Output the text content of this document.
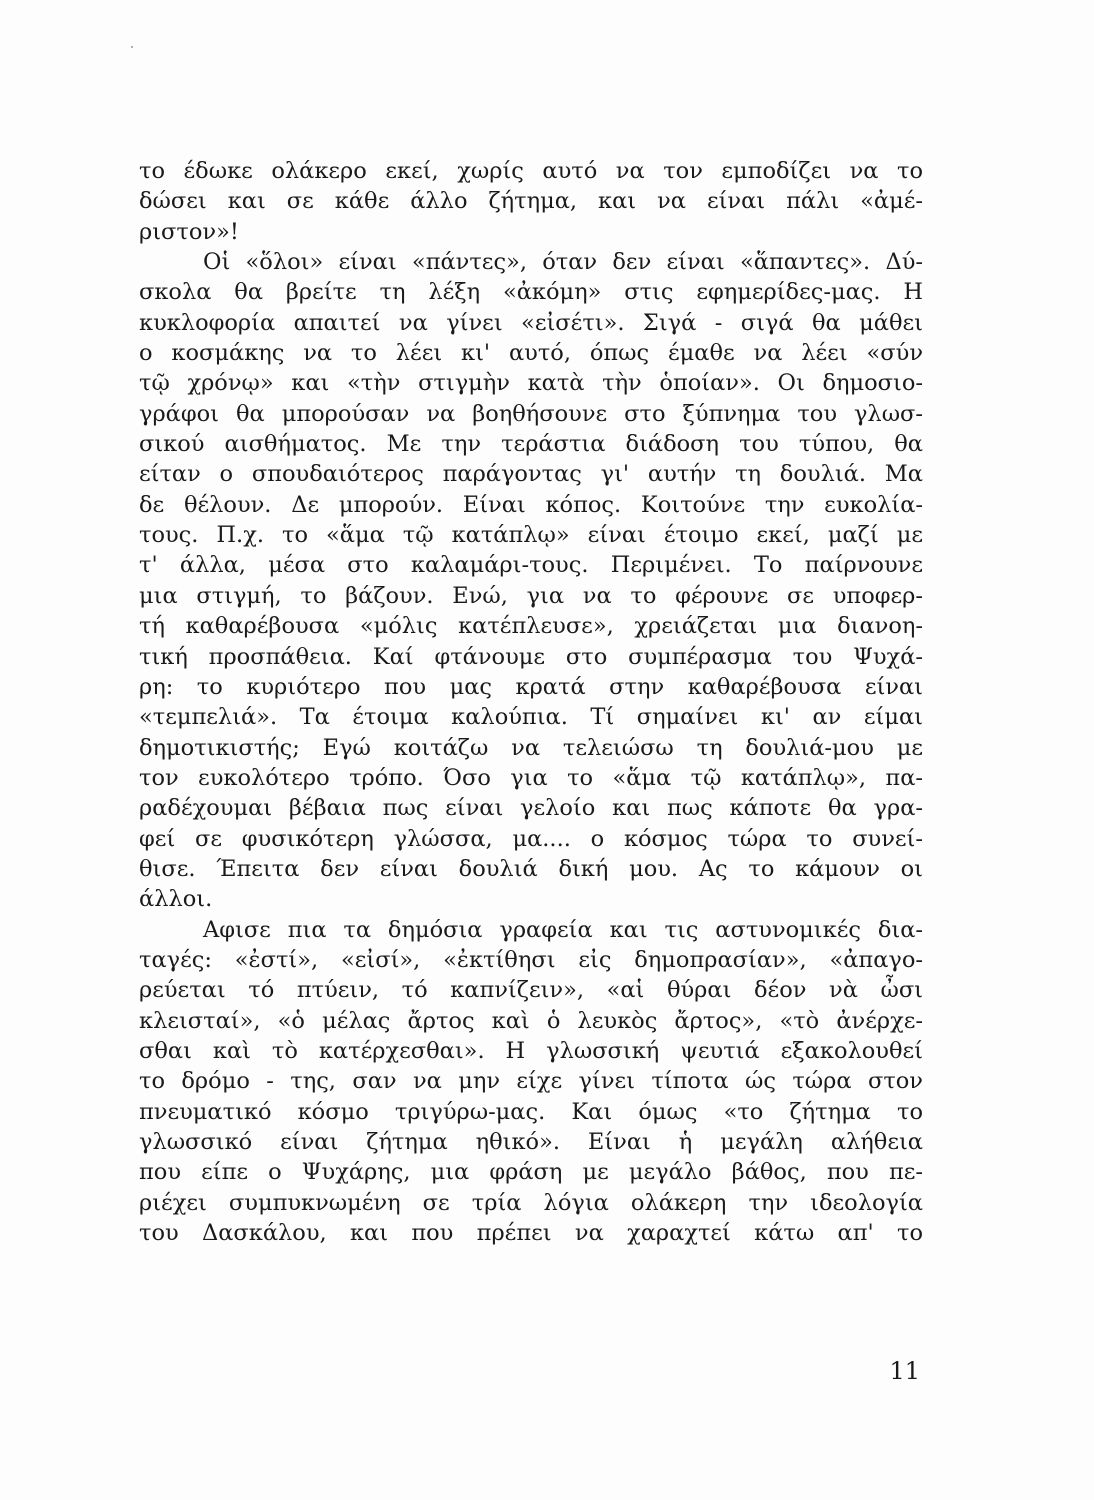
το έδωκε ολάκερο εκεί, χωρίς αυτό να τον εμποδίζει να το
δώσει και σε κάθε άλλο ζήτημα, και να είναι πάλι «ἀμέ-
ριστον»!
Οἱ «ὅλοι» είναι «πάντες», όταν δεν είναι «ἅπαντες». Δύ-
σκολα θα βρείτε τη λέξη «ἀκόμη» στις εφημερίδες-μας. Η
κυκλοφορία απαιτεί να γίνει «εἰσέτι». Σιγά - σιγά θα μάθει
ο κοσμάκης να το λέει κι' αυτό, όπως έμαθε να λέει «σύν
τῷ χρόνῳ» και «τὴν στιγμὴν κατὰ τὴν ὁποίαν». Οι δημοσιο-
γράφοι θα μπορούσαν να βοηθήσουνε στο ξύπνημα του γλωσ-
σικού αισθήματος. Με την τεράστια διάδοση του τύπου, θα
είταν ο σπουδαιότερος παράγοντας γι' αυτήν τη δουλιά. Μα
δε θέλουν. Δε μπορούν. Είναι κόπος. Κοιτούνε την ευκολία-
τους. Π.χ. το «ἅμα τῷ κατάπλῳ» είναι έτοιμο εκεί, μαζί με
τ' άλλα, μέσα στο καλαμάρι-τους. Περιμένει. Το παίρνουνε
μια στιγμή, το βάζουν. Ενώ, για να το φέρουνε σε υποφερ-
τή καθαρέβουσα «μόλις κατέπλευσε», χρειάζεται μια διανοη-
τική προσπάθεια. Καί φτάνουμε στο συμπέρασμα του Ψυχά-
ρη: το κυριότερο που μας κρατά στην καθαρέβουσα είναι
«τεμπελιά». Τα έτοιμα καλούπια. Τί σημαίνει κι' αν είμαι
δημοτικιστής; Εγώ κοιτάζω να τελειώσω τη δουλιά-μου με
τον ευκολότερο τρόπο. Όσο για το «ἅμα τῷ κατάπλῳ», πα-
ραδέχουμαι βέβαια πως είναι γελοίο και πως κάποτε θα γρα-
φεί σε φυσικότερη γλώσσα, μα.... ο κόσμος τώρα το συνεί-
θισε. Έπειτα δεν είναι δουλιά δική μου. Ας το κάμουν οι
άλλοι.
Αφισε πια τα δημόσια γραφεία και τις αστυνομικές δια-
ταγές: «ἐστί», «εἰσί», «ἐκτίθησι εἰς δημοπρασίαν», «ἀπαγο-
ρεύεται τό πτύειν, τό καπνίζειν», «αἱ θύραι δέον νὰ ὦσι
κλεισταί», «ὁ μέλας ἄρτος καὶ ὁ λευκὸς ἄρτος», «τὸ ἀνέρχε-
σθαι καὶ τὸ κατέρχεσθαι». Η γλωσσική ψευτιά εξακολουθεί
το δρόμο - της, σαν να μην είχε γίνει τίποτα ώς τώρα στον
πνευματικό κόσμο τριγύρω-μας. Και όμως «το ζήτημα το
γλωσσικό είναι ζήτημα ηθικό». Είναι ἡ μεγάλη αλήθεια
που είπε ο Ψυχάρης, μια φράση με μεγάλο βάθος, που πε-
ριέχει συμπυκνωμένη σε τρία λόγια ολάκερη την ιδεολογία
του Δασκάλου, και που πρέπει να χαραχτεί κάτω απ' το
11
